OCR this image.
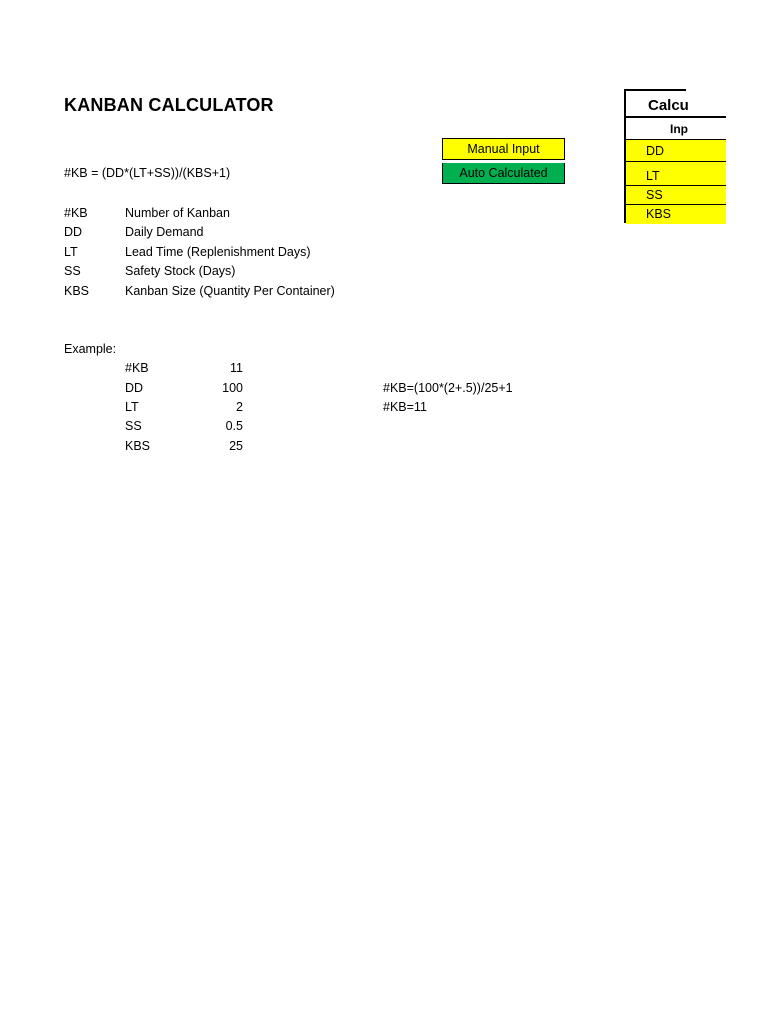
KANBAN CALCULATOR
Manual Input
Auto Calculated
#KB = (DD*(LT+SS))/(KBS+1)
#KB	Number of Kanban
DD	Daily Demand
LT	Lead Time (Replenishment Days)
SS	Safety Stock (Days)
KBS	Kanban Size (Quantity Per Container)
Example:
#KB	11
DD	100
LT	2
SS	0.5
KBS	25
#KB=(100*(2+.5))/25+1
#KB=11
Calcu
Inp
DD
LT
SS
KBS
